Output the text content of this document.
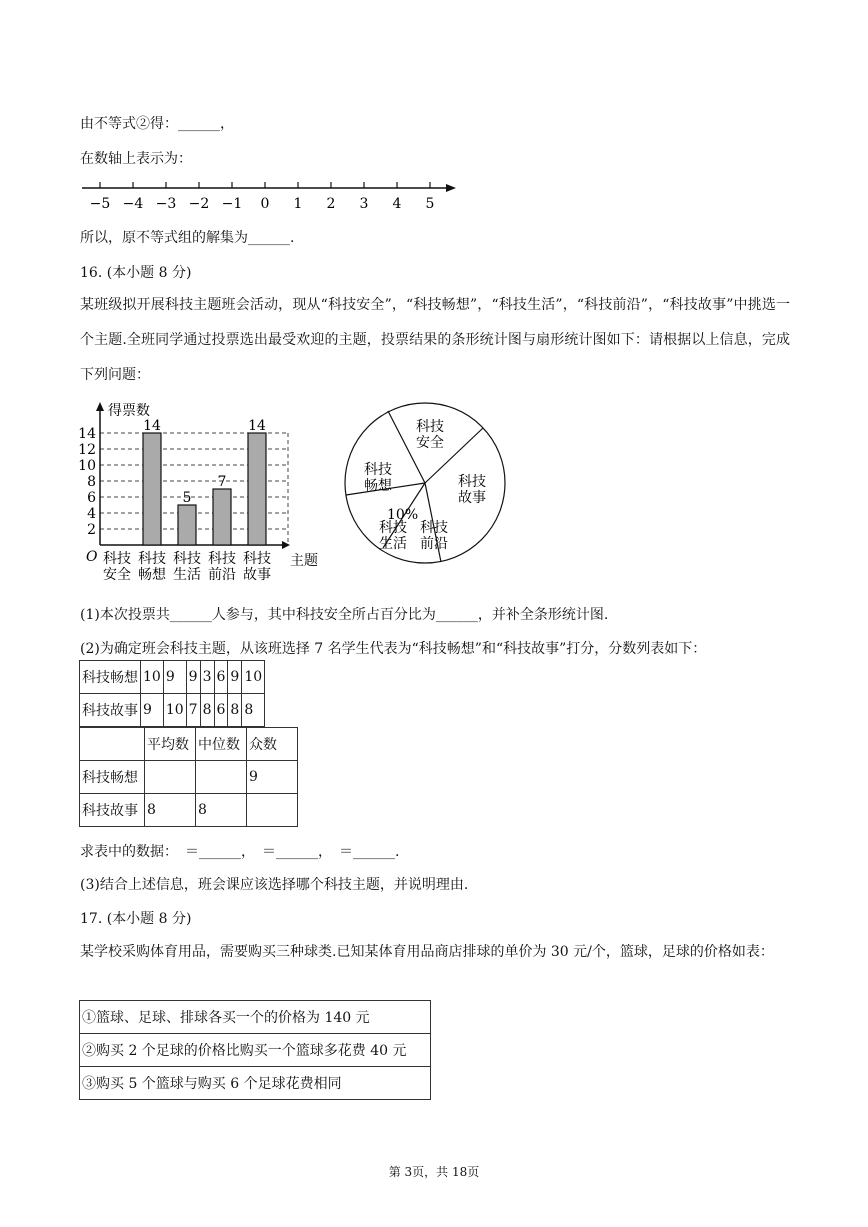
由不等式②得：______，
在数轴上表示为：
−5 −4 −3 −2 −1 0 1 2 3 4 5
所以，原不等式组的解集为______.
16. (本小题 8 分)
某班级拟开展科技主题班会活动，现从“科技安全”，“科技畅想”，“科技生活”，“科技前沿”，“科技故事”中挑选一个主题.全班同学通过投票选出最受欢迎的主题，投票结果的条形统计图与扇形统计图如下：请根据以上信息，完成下列问题：
得票数
主题
O
2
4
6
8
10
12
14	14
5
7
14
科技
安全
科技
畅想
科技
生活
科技
前沿
科技
故事
科技
安全
科技
故事
科技
前沿
科技
生活
科技
畅想
10%
(1)本次投票共______人参与，其中科技安全所占百分比为______，并补全条形统计图.
(2)为确定班会科技主题，从该班选择 7 名学生代表为“科技畅想”和“科技故事”打分，分数列表如下：
科技畅想	10	9	9	3	6	9	10
科技故事	9	10	7	8	6	8	8
	平均数	中位数	众数
科技畅想			9
科技故事	8	8	
求表中的数据：　＝______，　＝______，　＝______.
(3)结合上述信息，班会课应该选择哪个科技主题，并说明理由.
17. (本小题 8 分)
某学校采购体育用品，需要购买三种球类.已知某体育用品商店排球的单价为 30 元/个，篮球，足球的价格如表：
①篮球、足球、排球各买一个的价格为 140 元
②购买 2 个足球的价格比购买一个篮球多花费 40 元
③购买 5 个篮球与购买 6 个足球花费相同
第 3页，共 18页
